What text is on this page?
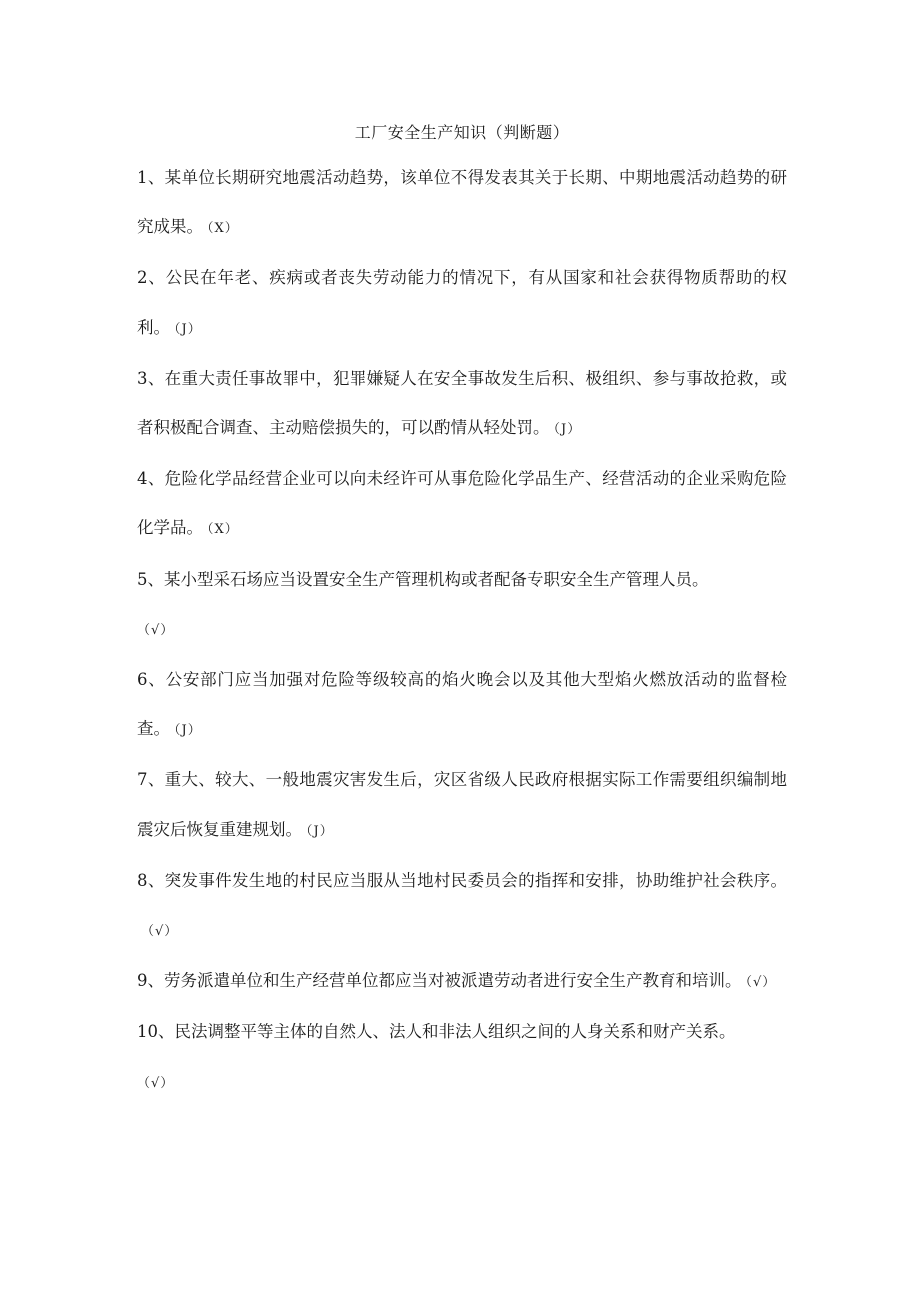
工厂安全生产知识（判断题）

1、某单位长期研究地震活动趋势，该单位不得发表其关于长期、中期地震活动趋势的研究成果。 （X）

2、公民在年老、疾病或者丧失劳动能力的情况下，有从国家和社会获得物质帮助的权利。 （J）

3、在重大责任事故罪中，犯罪嫌疑人在安全事故发生后积、极组织、参与事故抢救，或者积极配合调查、主动赔偿损失的，可以酌情从轻处罚。 （J）

4、危险化学品经营企业可以向未经许可从事危险化学品生产、经营活动的企业采购危险化学品。 （X）

5、某小型采石场应当设置安全生产管理机构或者配备专职安全生产管理人员。
（√）

6、公安部门应当加强对危险等级较高的焰火晚会以及其他大型焰火燃放活动的监督检查。 （J）

7、重大、较大、一般地震灾害发生后，灾区省级人民政府根据实际工作需要组织编制地震灾后恢复重建规划。 （J）

8、突发事件发生地的村民应当服从当地村民委员会的指挥和安排，协助维护社会秩序。（√）

9、劳务派遣单位和生产经营单位都应当对被派遣劳动者进行安全生产教育和培训。 （√）

10、民法调整平等主体的自然人、法人和非法人组织之间的人身关系和财产关系。
（√）
